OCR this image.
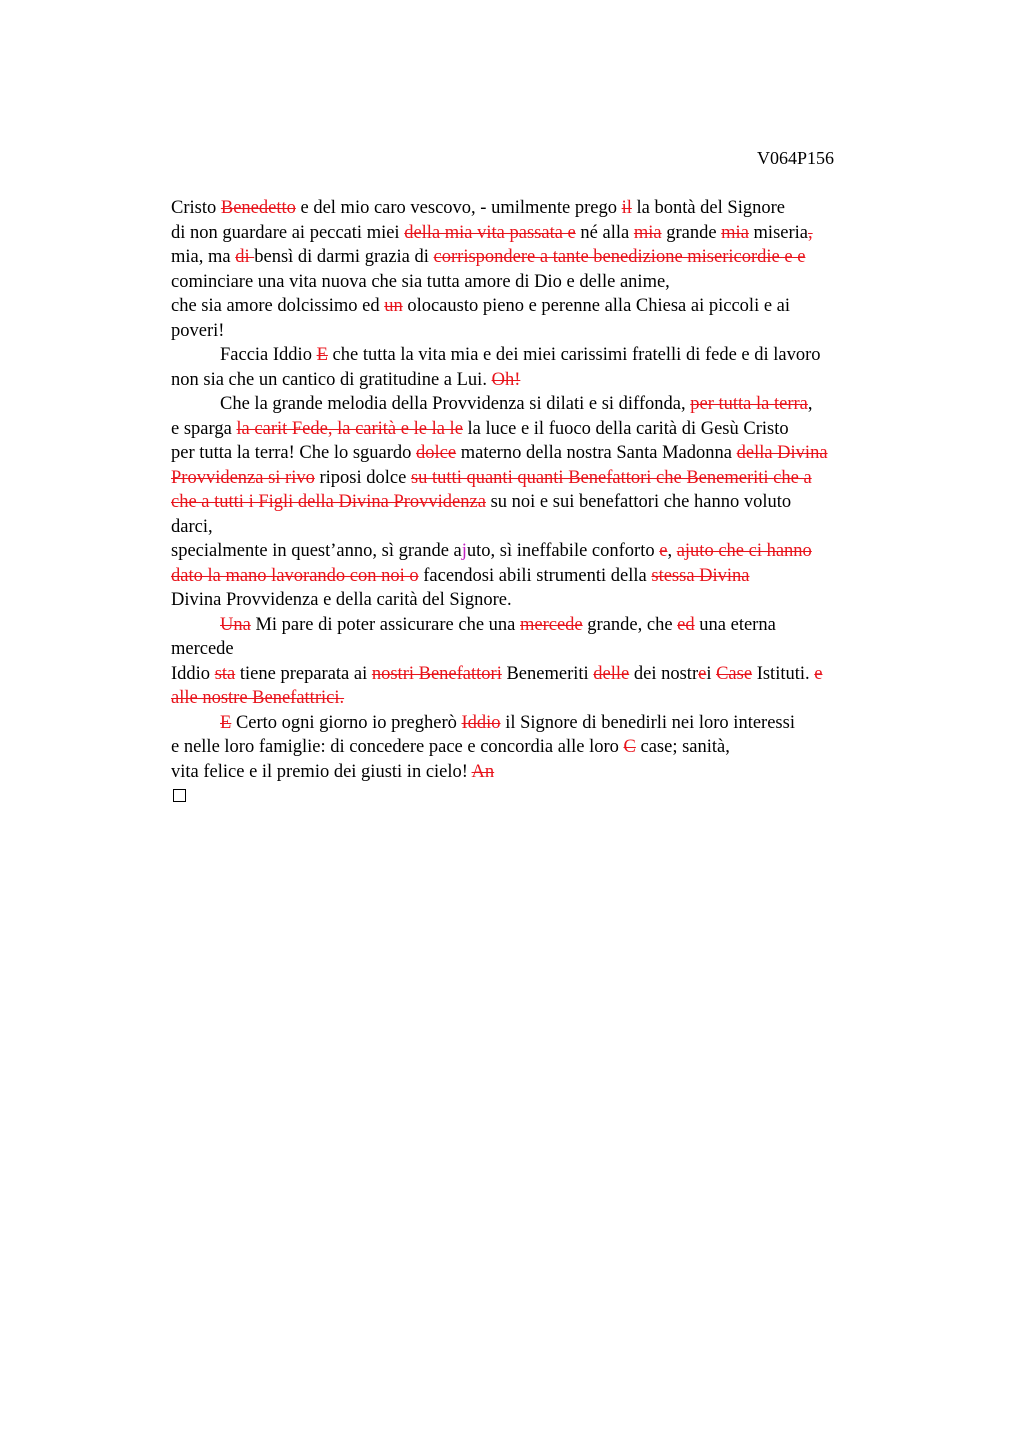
V064P156
Cristo Benedetto e del mio caro vescovo, - umilmente prego il la bontà del Signore
di non guardare ai peccati miei della mia vita passata e né alla mia grande mia miseria,
mia, ma di bensì di darmi grazia di corrispondere a tante benedizione misericordie e e
cominciare una vita nuova che sia tutta amore di Dio e delle anime,
che sia amore dolcissimo ed un olocausto pieno e perenne alla Chiesa ai piccoli e ai
poveri!
Faccia Iddio E che tutta la vita mia e dei miei carissimi fratelli di fede e di lavoro
non sia che un cantico di gratitudine a Lui. Oh!
Che la grande melodia della Provvidenza si dilati e si diffonda, per tutta la terra,
e sparga la carit Fede, la carità e le la le la luce e il fuoco della carità di Gesù Cristo
per tutta la terra! Che lo sguardo dolce materno della nostra Santa Madonna della Divina
Provvidenza si rivo riposi dolce su tutti quanti quanti Benefattori che Benemeriti che a
che a tutti i Figli della Divina Provvidenza su noi e sui benefattori che hanno voluto
darci,
specialmente in quest’anno, sì grande ajuto, sì ineffabile conforto e, ajuto che ci hanno
dato la mano lavorando con noi o facendosi abili strumenti della stessa Divina
Divina Provvidenza e della carità del Signore.
Una Mi pare di poter assicurare che una mercede grande, che ed una eterna
mercede
Iddio sta tiene preparata ai nostri Benefattori Benemeriti delle dei nostrei Case Istituti. e
alle nostre Benefattrici.
E Certo ogni giorno io pregherò Iddio il Signore di benedirli nei loro interessi
e nelle loro famiglie: di concedere pace e concordia alle loro C case; sanità,
vita felice e il premio dei giusti in cielo! An
